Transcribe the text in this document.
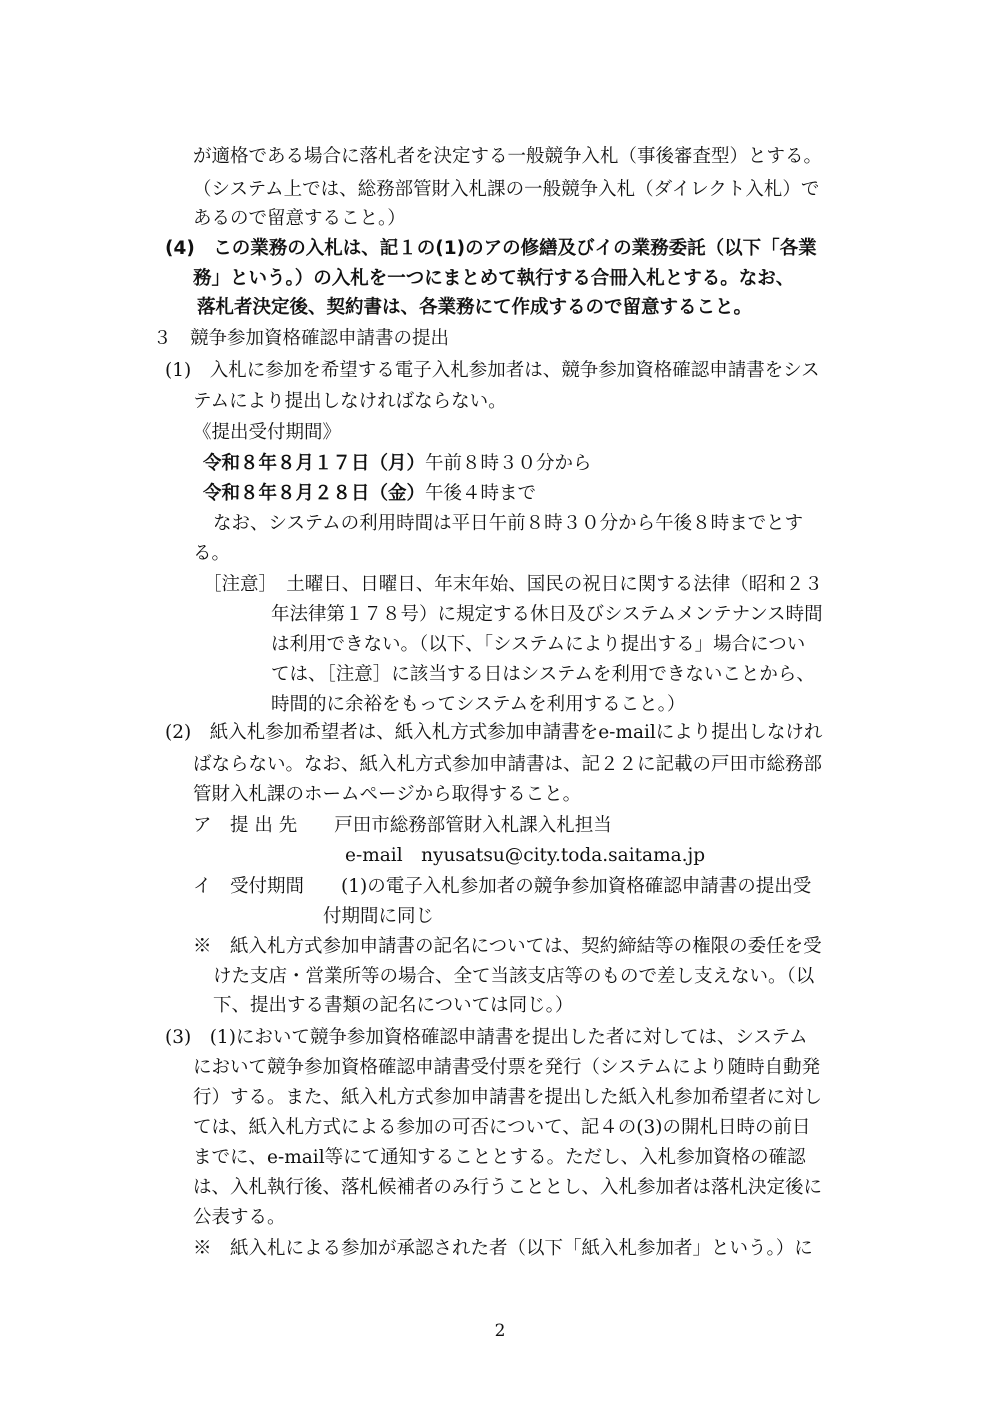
が適格である場合に落札者を決定する一般競争入札（事後審査型）とする。
（システム上では、総務部管財入札課の一般競争入札（ダイレクト入札）で
あるので留意すること。）
(4)　この業務の入札は、記１の(1)のアの修繕及びイの業務委託（以下「各業
務」という。）の入札を一つにまとめて執行する合冊入札とする。なお、
落札者決定後、契約書は、各業務にて作成するので留意すること。
３　競争参加資格確認申請書の提出
(1)　入札に参加を希望する電子入札参加者は、競争参加資格確認申請書をシス
テムにより提出しなければならない。
《提出受付期間》
令和８年８月１７日（月）午前８時３０分から
令和８年８月２８日（金）午後４時まで
なお、システムの利用時間は平日午前８時３０分から午後８時までとす
る。
［注意］　土曜日、日曜日、年末年始、国民の祝日に関する法律（昭和２３
年法律第１７８号）に規定する休日及びシステムメンテナンス時間
は利用できない。（以下、「システムにより提出する」場合につい
ては、［注意］に該当する日はシステムを利用できないことから、
時間的に余裕をもってシステムを利用すること。）
(2)　紙入札参加希望者は、紙入札方式参加申請書をe-mailにより提出しなけれ
ばならない。なお、紙入札方式参加申請書は、記２２に記載の戸田市総務部
管財入札課のホームページから取得すること。
ア　提 出 先　　戸田市総務部管財入札課入札担当
e-mail　nyusatsu@city.toda.saitama.jp
イ　受付期間　　(1)の電子入札参加者の競争参加資格確認申請書の提出受
付期間に同じ
※　紙入札方式参加申請書の記名については、契約締結等の権限の委任を受
けた支店・営業所等の場合、全て当該支店等のもので差し支えない。（以
下、提出する書類の記名については同じ。）
(3)　(1)において競争参加資格確認申請書を提出した者に対しては、システム
において競争参加資格確認申請書受付票を発行（システムにより随時自動発
行）する。また、紙入札方式参加申請書を提出した紙入札参加希望者に対し
ては、紙入札方式による参加の可否について、記４の(3)の開札日時の前日
までに、e-mail等にて通知することとする。ただし、入札参加資格の確認
は、入札執行後、落札候補者のみ行うこととし、入札参加者は落札決定後に
公表する。
※　紙入札による参加が承認された者（以下「紙入札参加者」という。）に
2
